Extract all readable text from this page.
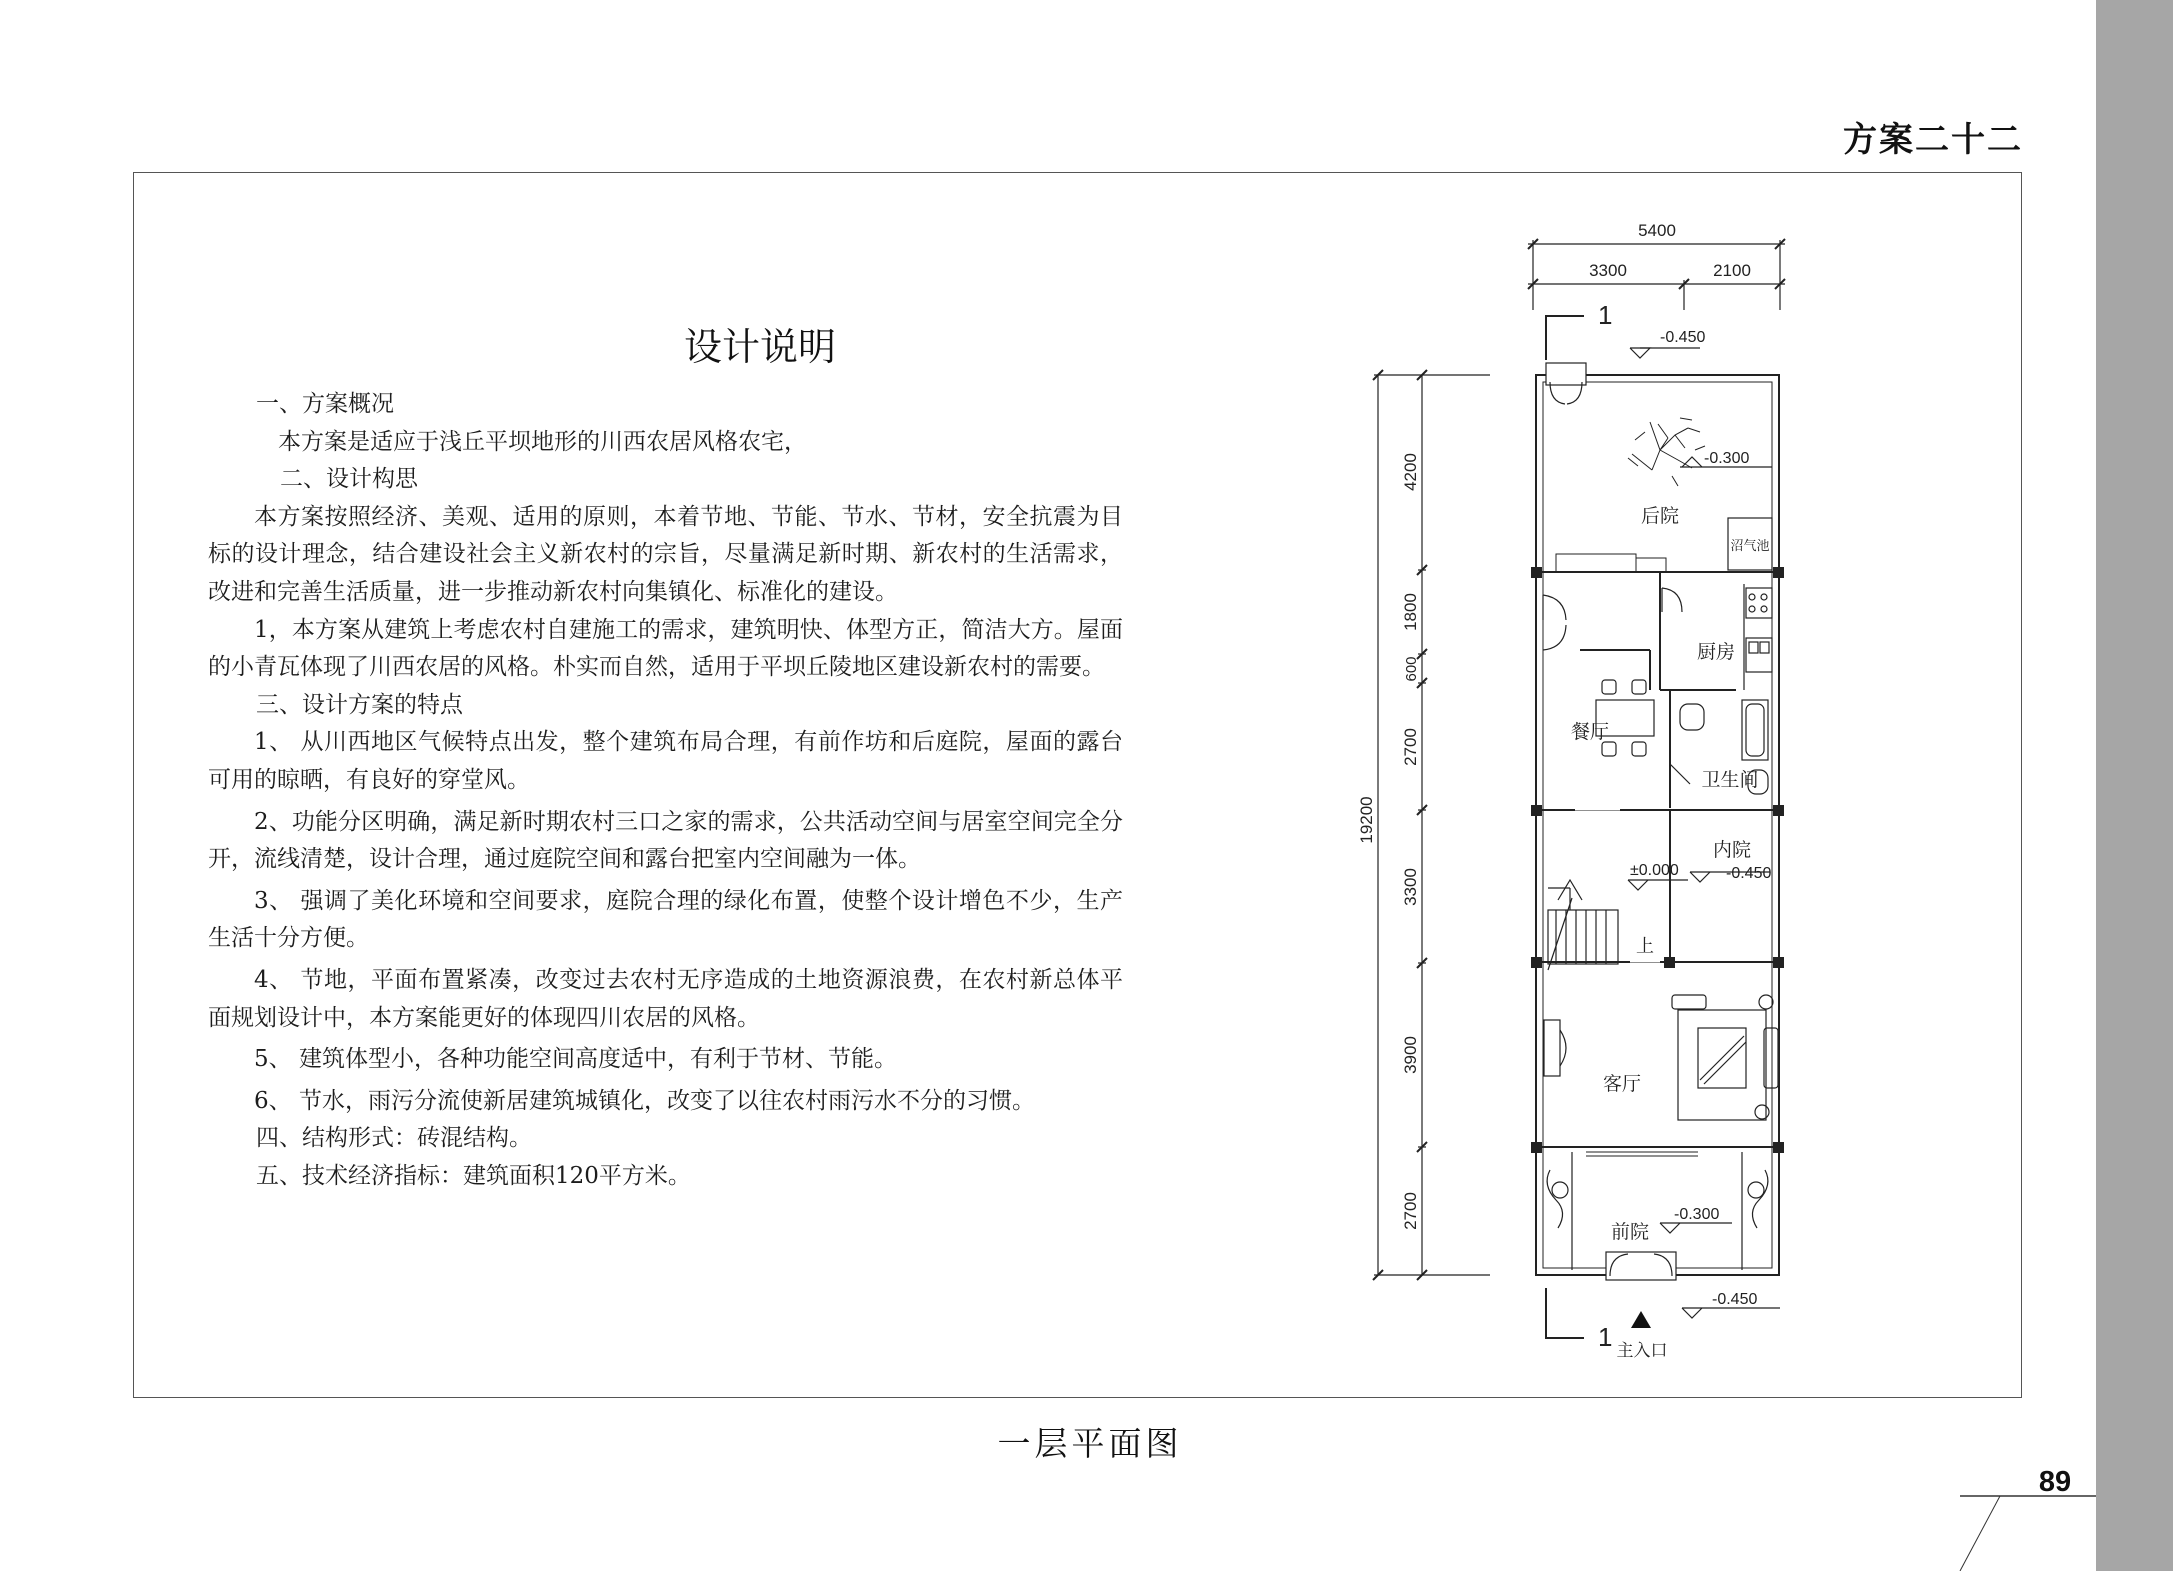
方案二十二
设计说明

一、方案概况

本方案是适应于浅丘平坝地形的川西农居风格农宅，

二、设计构思

本方案按照经济、美观、适用的原则，本着节地、节能、节水、节材，安全抗震为目标的设计理念，结合建设社会主义新农村的宗旨，尽量满足新时期、新农村的生活需求，改进和完善生活质量，进一步推动新农村向集镇化、标准化的建设。

1，本方案从建筑上考虑农村自建施工的需求，建筑明快、体型方正，简洁大方。屋面的小青瓦体现了川西农居的风格。朴实而自然，适用于平坝丘陵地区建设新农村的需要。

三、设计方案的特点

1、 从川西地区气候特点出发，整个建筑布局合理，有前作坊和后庭院，屋面的露台可用的晾晒，有良好的穿堂风。

2、功能分区明确，满足新时期农村三口之家的需求，公共活动空间与居室空间完全分开，流线清楚，设计合理，通过庭院空间和露台把室内空间融为一体。

3、 强调了美化环境和空间要求，庭院合理的绿化布置，使整个设计增色不少，生产生活十分方便。

4、 节地，平面布置紧凑，改变过去农村无序造成的土地资源浪费，在农村新总体平面规划设计中，本方案能更好的体现四川农居的风格。

5、 建筑体型小，各种功能空间高度适中，有利于节材、节能。

6、 节水，雨污分流使新居建筑城镇化，改变了以往农村雨污水不分的习惯。

四、结构形式：砖混结构。

五、技术经济指标：建筑面积120平方米。

5400
3300	2100
1
-0.450
19200
4200
1800
600
2700
3300
3900
2700
-0.300
沼气池
后院
厨房
餐厅
卫生间
内院
-0.450
上
±0.000
客厅
前院
-0.300
1 主入口
-0.450
一层平面图
89
